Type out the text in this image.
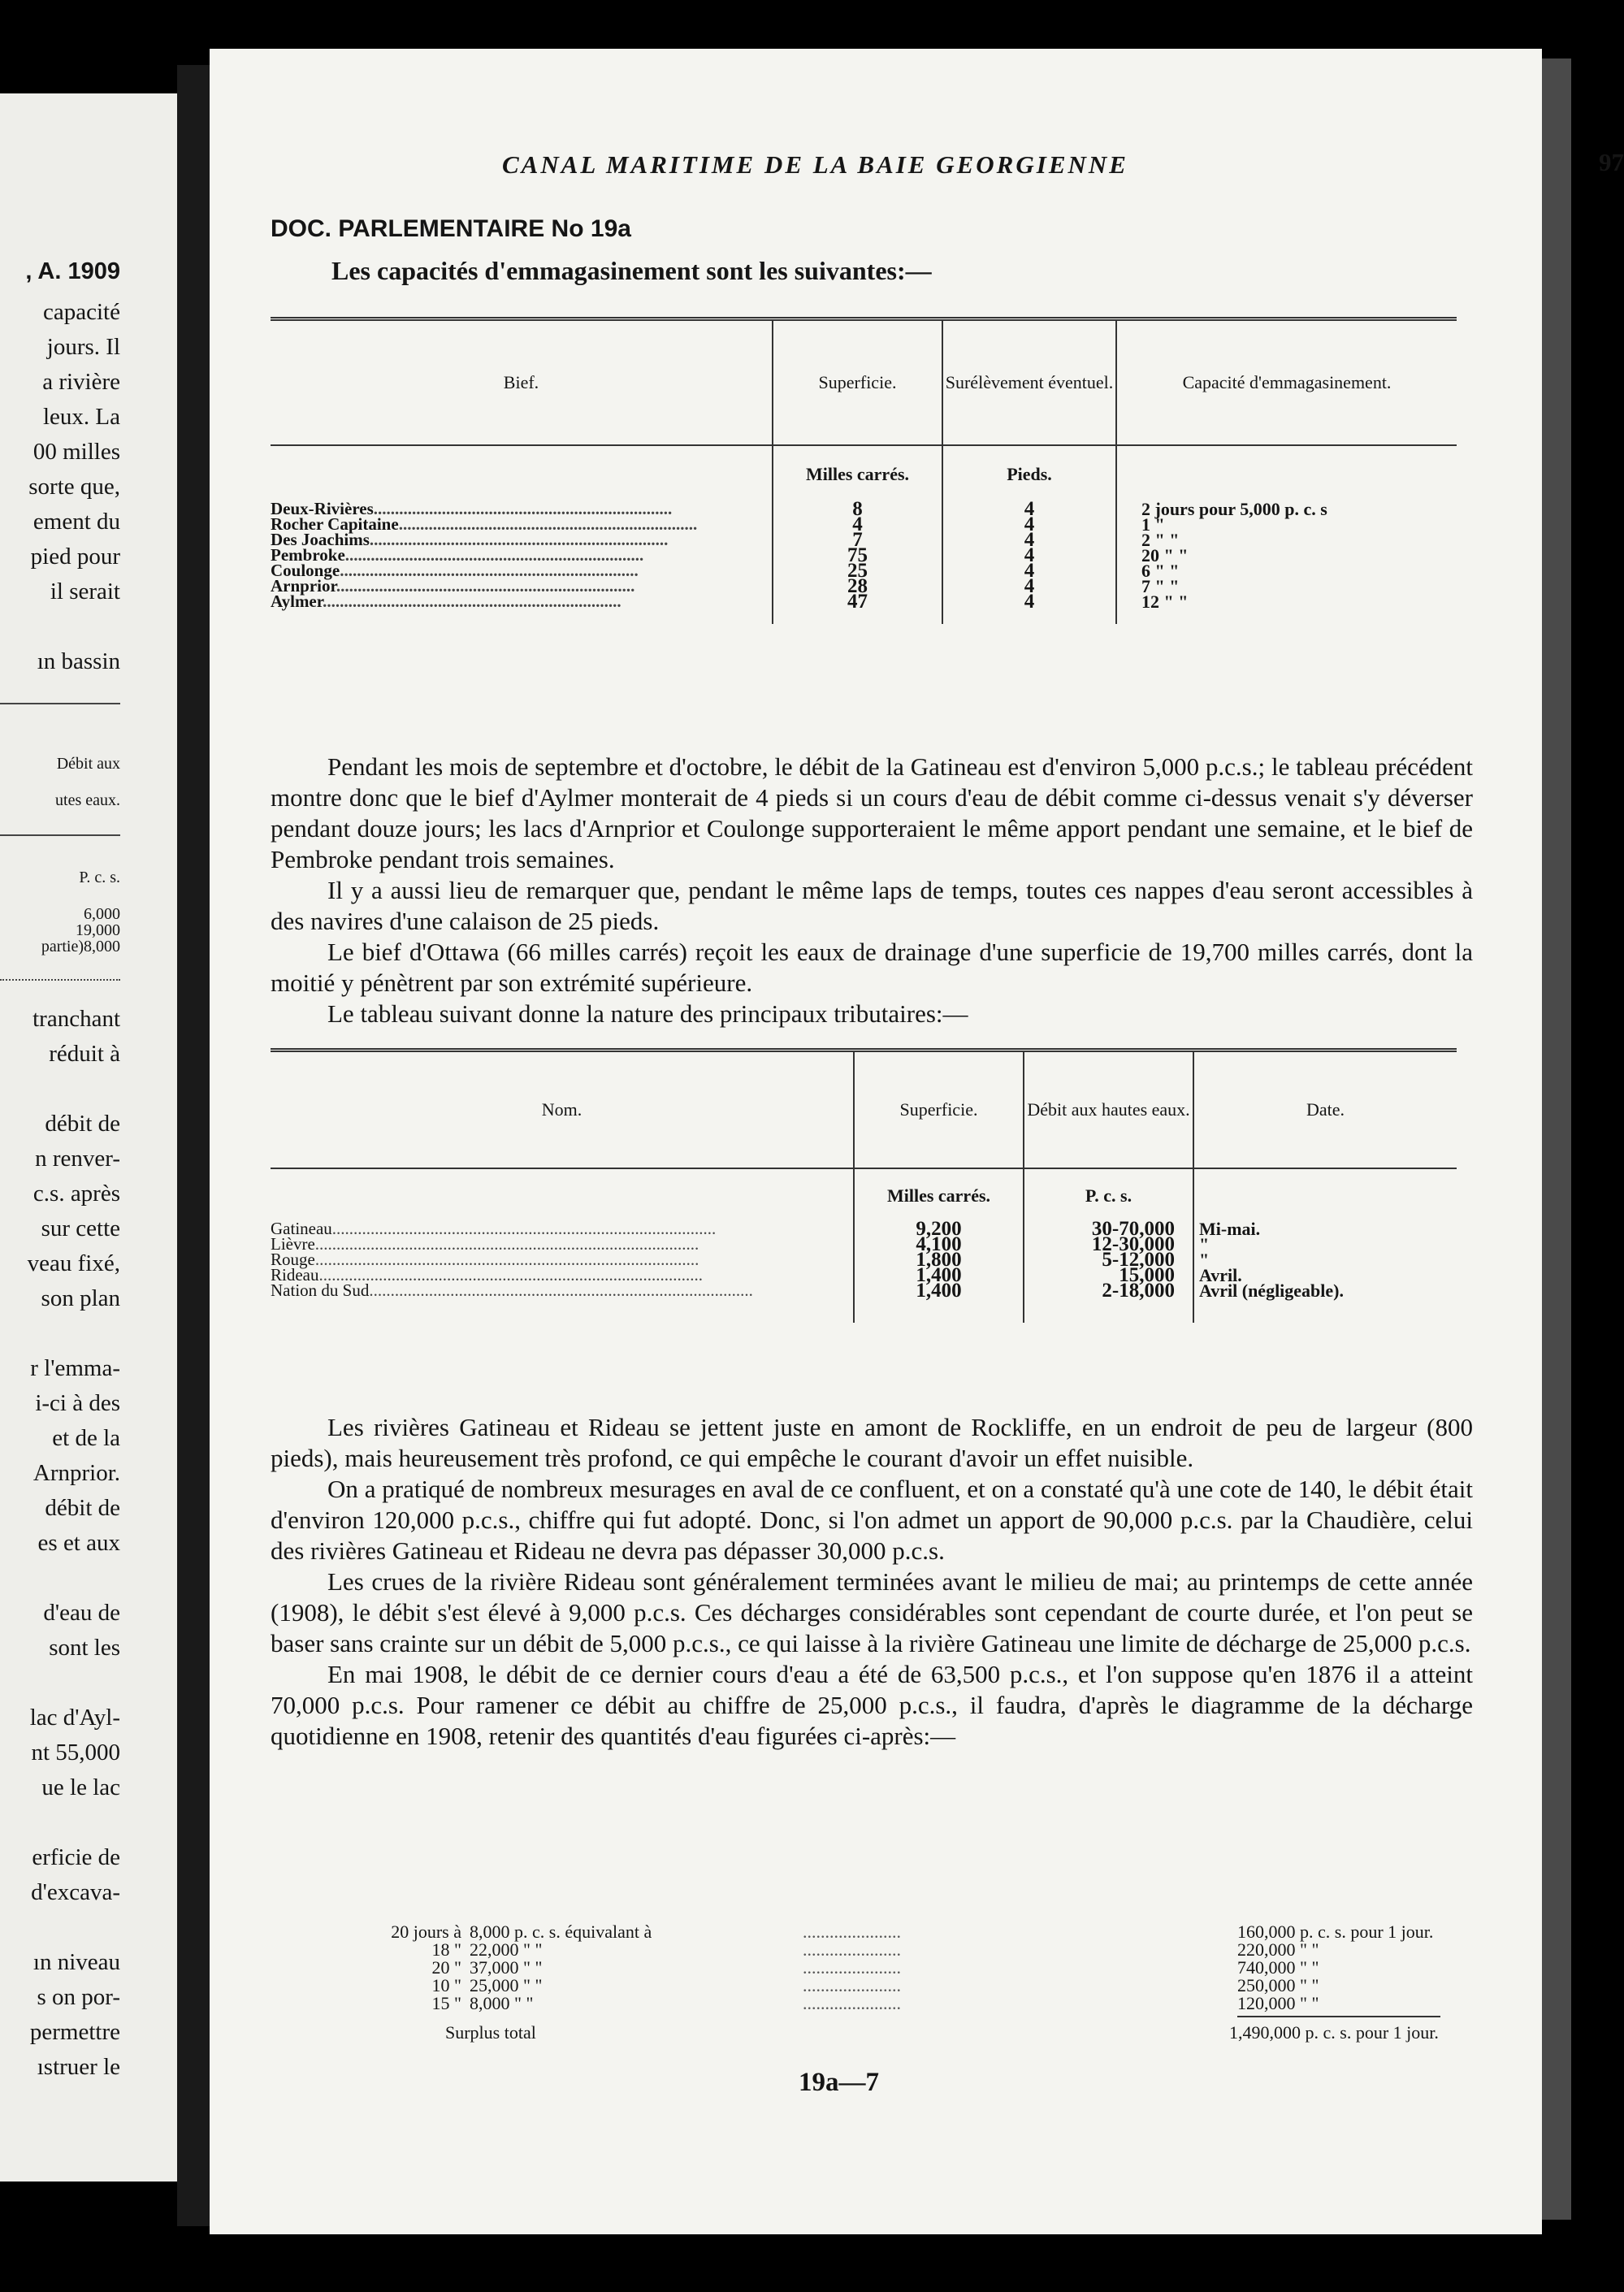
, A. 1909
capacité
jours. Il
a rivière
leux. La
00 milles
sorte que,
ement du
pied pour
il serait
ın bassin
Débit aux
utes eaux.
P. c. s.
6,000
19,000
partie)8,000
tranchant
réduit à
débit de
n renver-
c.s. après
sur cette
veau fixé,
son plan
r l'emma-
i-ci à des
et de la
Arnprior.
débit de
es et aux
d'eau de
sont les
lac d'Ayl-
nt 55,000
ue le lac
erficie de
d'excava-
ın niveau
s on por-
permettre
ıstruer le
CANAL MARITIME DE LA BAIE GEORGIENNE	97
DOC. PARLEMENTAIRE No 19a
Les capacités d'emmagasinement sont les suivantes:—
Bief.	Superficie.	Surélèvement éventuel.	Capacité d'emmagasinement.
	Milles carrés.	Pieds.	
Deux-Rivières......................................................................	8	4	2 jours pour 5,000 p. c. s
Rocher Capitaine......................................................................	4	4	1 "
Des Joachims......................................................................	7	4	2 " "
Pembroke......................................................................	75	4	20 " "
Coulonge......................................................................	25	4	6 " "
Arnprior......................................................................	28	4	7 " "
Aylmer......................................................................	47	4	12 " "

Pendant les mois de septembre et d'octobre, le débit de la Gatineau est d'environ 5,000 p.c.s.; le tableau précédent montre donc que le bief d'Aylmer monterait de 4 pieds si un cours d'eau de débit comme ci-dessus venait s'y déverser pendant douze jours; les lacs d'Arnprior et Coulonge supporteraient le même apport pendant une semaine, et le bief de Pembroke pendant trois semaines.

Il y a aussi lieu de remarquer que, pendant le même laps de temps, toutes ces nappes d'eau seront accessibles à des navires d'une calaison de 25 pieds.

Le bief d'Ottawa (66 milles carrés) reçoit les eaux de drainage d'une superficie de 19,700 milles carrés, dont la moitié y pénètrent par son extrémité supérieure.

Le tableau suivant donne la nature des principaux tributaires:—

Nom.	Superficie.	Débit aux hautes eaux.	Date.
	Milles carrés.	P. c. s.	
Gatineau..........................................................................................	9,200	30-70,000	Mi-mai.
Lièvre..........................................................................................	4,100	12-30,000	"
Rouge..........................................................................................	1,800	5-12,000	"
Rideau..........................................................................................	1,400	15,000	Avril.
Nation du Sud..........................................................................................	1,400	2-18,000	Avril (négligeable).

Les rivières Gatineau et Rideau se jettent juste en amont de Rockliffe, en un endroit de peu de largeur (800 pieds), mais heureusement très profond, ce qui empêche le courant d'avoir un effet nuisible.

On a pratiqué de nombreux mesurages en aval de ce confluent, et on a constaté qu'à une cote de 140, le débit était d'environ 120,000 p.c.s., chiffre qui fut adopté. Donc, si l'on admet un apport de 90,000 p.c.s. par la Chaudière, celui des rivières Gatineau et Rideau ne devra pas dépasser 30,000 p.c.s.

Les crues de la rivière Rideau sont généralement terminées avant le milieu de mai; au printemps de cette année (1908), le débit s'est élevé à 9,000 p.c.s. Ces décharges considérables sont cependant de courte durée, et l'on peut se baser sans crainte sur un débit de 5,000 p.c.s., ce qui laisse à la rivière Gatineau une limite de décharge de 25,000 p.c.s.

En mai 1908, le débit de ce dernier cours d'eau a été de 63,500 p.c.s., et l'on suppose qu'en 1876 il a atteint 70,000 p.c.s. Pour ramener ce débit au chiffre de 25,000 p.c.s., il faudra, d'après le diagramme de la décharge quotidienne en 1908, retenir des quantités d'eau figurées ci-après:—

20 jours à 8,000 p. c. s. équivalant à	......................	160,000 p. c. s. pour 1 jour.
18 " 22,000 " "	......................	220,000 " "
20 " 37,000 " "	......................	740,000 " "
10 " 25,000 " "	......................	250,000 " "
15 " 8,000 " "	......................	120,000 " "
Surplus total	1,490,000 p. c. s. pour 1 jour.
19a—7
